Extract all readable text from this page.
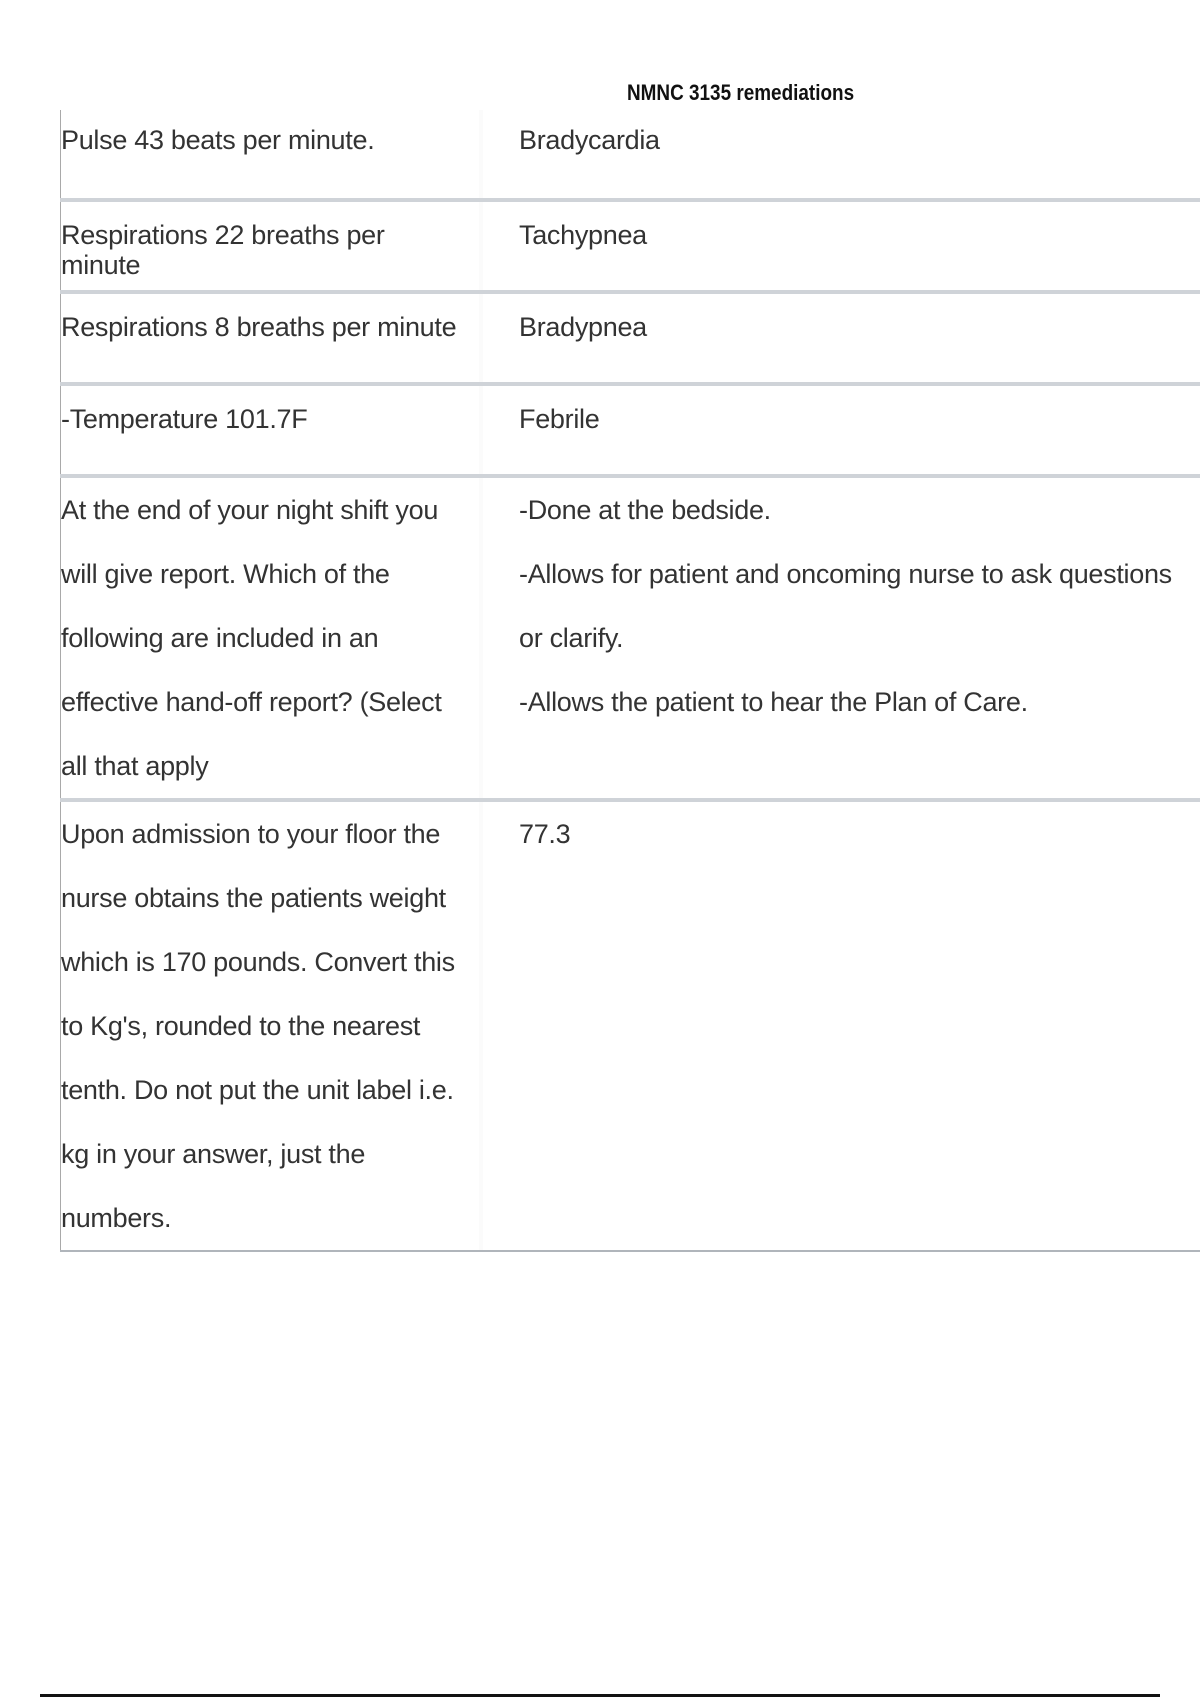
NMNC 3135 remediations
Pulse 43 beats per minute.		Bradycardia

Respirations 22 breaths per minute		Tachypnea

Respirations 8 breaths per minute		Bradypnea

-Temperature 101.7F		Febrile

At the end of your night shift you will give report. Which of the following are included in an effective hand-off report? (Select all that apply		-Done at the bedside.
-Allows for patient and oncoming nurse to ask questions or clarify.
-Allows the patient to hear the Plan of Care.

Upon admission to your floor the nurse obtains the patients weight which is 170 pounds. Convert this to Kg's, rounded to the nearest tenth. Do not put the unit label i.e. kg in your answer, just the numbers.		77.3
